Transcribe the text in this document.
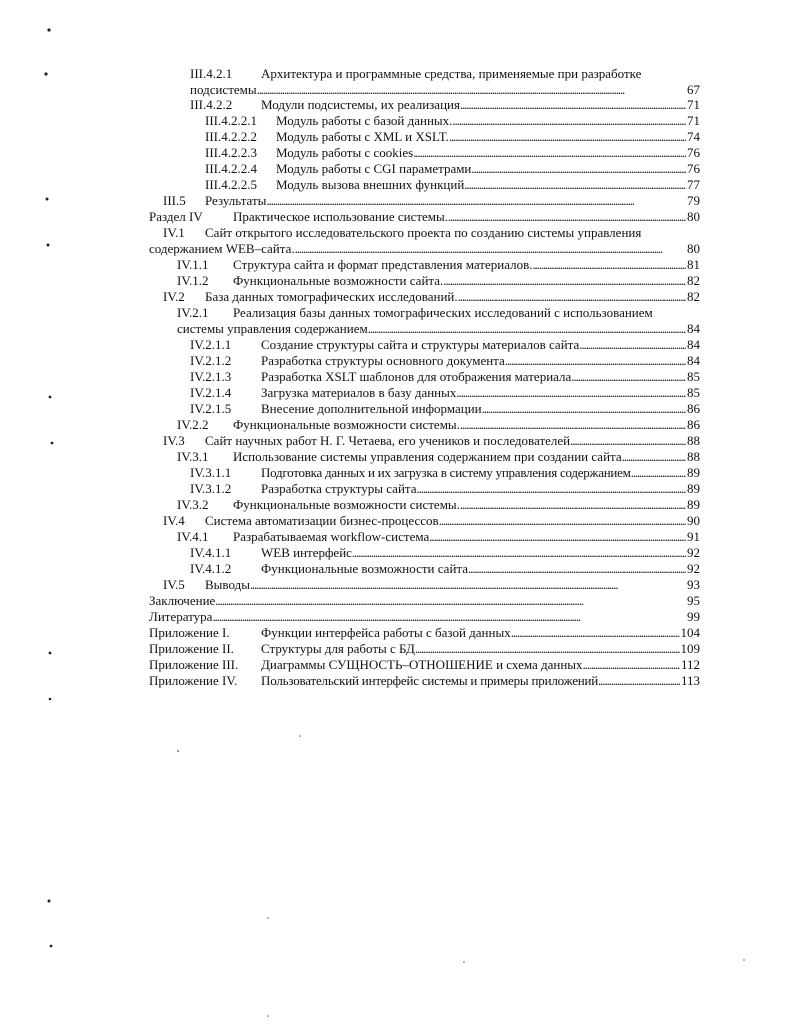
III.4.2.1	Архитектура и программные средства, применяемые при разработке
подсистемы . . .	67
III.4.2.2	Модули подсистемы, их реализация . . .	71
III.4.2.2.1	Модуль работы с базой данных. . . .	71
III.4.2.2.2	Модуль работы с XML и XSLT. . . .	74
III.4.2.2.3	Модуль работы с cookies . . .	76
III.4.2.2.4	Модуль работы с CGI параметрами . . .	76
III.4.2.2.5	Модуль вызова внешних функций . . .	77
III.5	Результаты . . .	79
Раздел IV	Практическое использование системы. . . .	80
IV.1	Сайт открытого исследовательского проекта по созданию системы управления
содержанием WEB–сайта. . . .	80
IV.1.1	Структура сайта и формат представления материалов. . . .	81
IV.1.2	Функциональные возможности сайта. . . .	82
IV.2	База данных томографических исследований. . . .	82
IV.2.1	Реализация базы данных томографических исследований с использованием
системы управления содержанием . . .	84
IV.2.1.1	Создание структуры сайта и структуры материалов сайта . . .	84
IV.2.1.2	Разработка структуры основного документа . . .	84
IV.2.1.3	Разработка XSLT шаблонов для отображения материала . . .	85
IV.2.1.4	Загрузка материалов в базу данных . . .	85
IV.2.1.5	Внесение дополнительной информации . . .	86
IV.2.2	Функциональные возможности системы. . . .	86
IV.3	Сайт научных работ Н. Г. Четаева, его учеников и последователей . . .	88
IV.3.1	Использование системы управления содержанием при создании сайта . . .	88
IV.3.1.1	Подготовка данных и их загрузка в систему управления содержанием . . .	89
IV.3.1.2	Разработка структуры сайта . . .	89
IV.3.2	Функциональные возможности системы. . . .	89
IV.4	Система автоматизации бизнес-процессов . . .	90
IV.4.1	Разрабатываемая workflow-система . . .	91
IV.4.1.1	WEB интерфейс . . .	92
IV.4.1.2	Функциональные возможности сайта . . .	92
IV.5	Выводы . . .	93
Заключение . . .	95
Литература . . .	99
Приложение I.	Функции интерфейса работы с базой данных . . .	104
Приложение II.	Структуры для работы с БД . . .	109
Приложение III.	Диаграммы СУЩНОСТЬ–ОТНОШЕНИЕ и схема данных . . .	112
Приложение IV.	Пользовательский интерфейс системы и примеры приложений . . .	113
